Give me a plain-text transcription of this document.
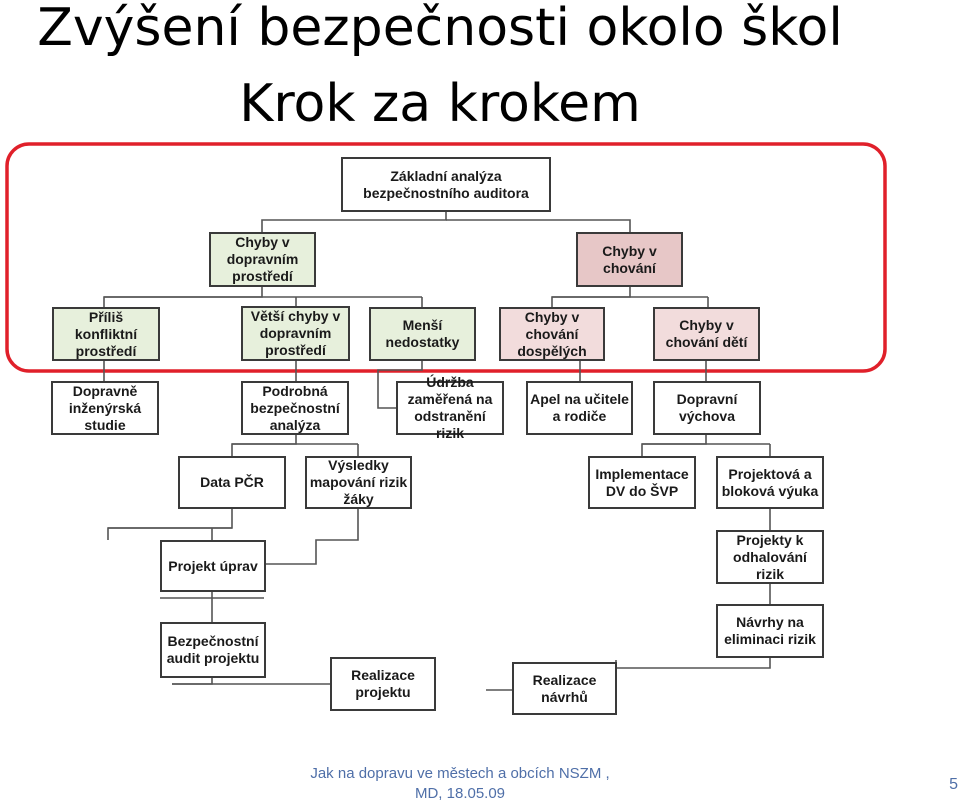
Zvýšení bezpečnosti okolo škol
Krok za krokem
Základní analýza
bezpečnostního auditora
Chyby v
dopravním
prostředí
Chyby v
chování
Příliš konfliktní
prostředí
Větší chyby v
dopravním
prostředí
Menší
nedostatky
Chyby v
chování
dospělých
Chyby v
chování dětí
Dopravně
inženýrská
studie
Podrobná
bezpečnostní
analýza
Údržba
zaměřená na
odstranění rizik
Apel na učitele
a rodiče
Dopravní
výchova
Data PČR
Výsledky
mapování rizik
žáky
Implementace
DV do ŠVP
Projektová a
bloková výuka
Projekt úprav
Projekty k
odhalování
rizik
Bezpečnostní
audit projektu
Návrhy na
eliminaci rizik
Realizace
projektu
Realizace
návrhů
Jak na dopravu ve městech a obcích NSZM ,
MD, 18.05.09
5
